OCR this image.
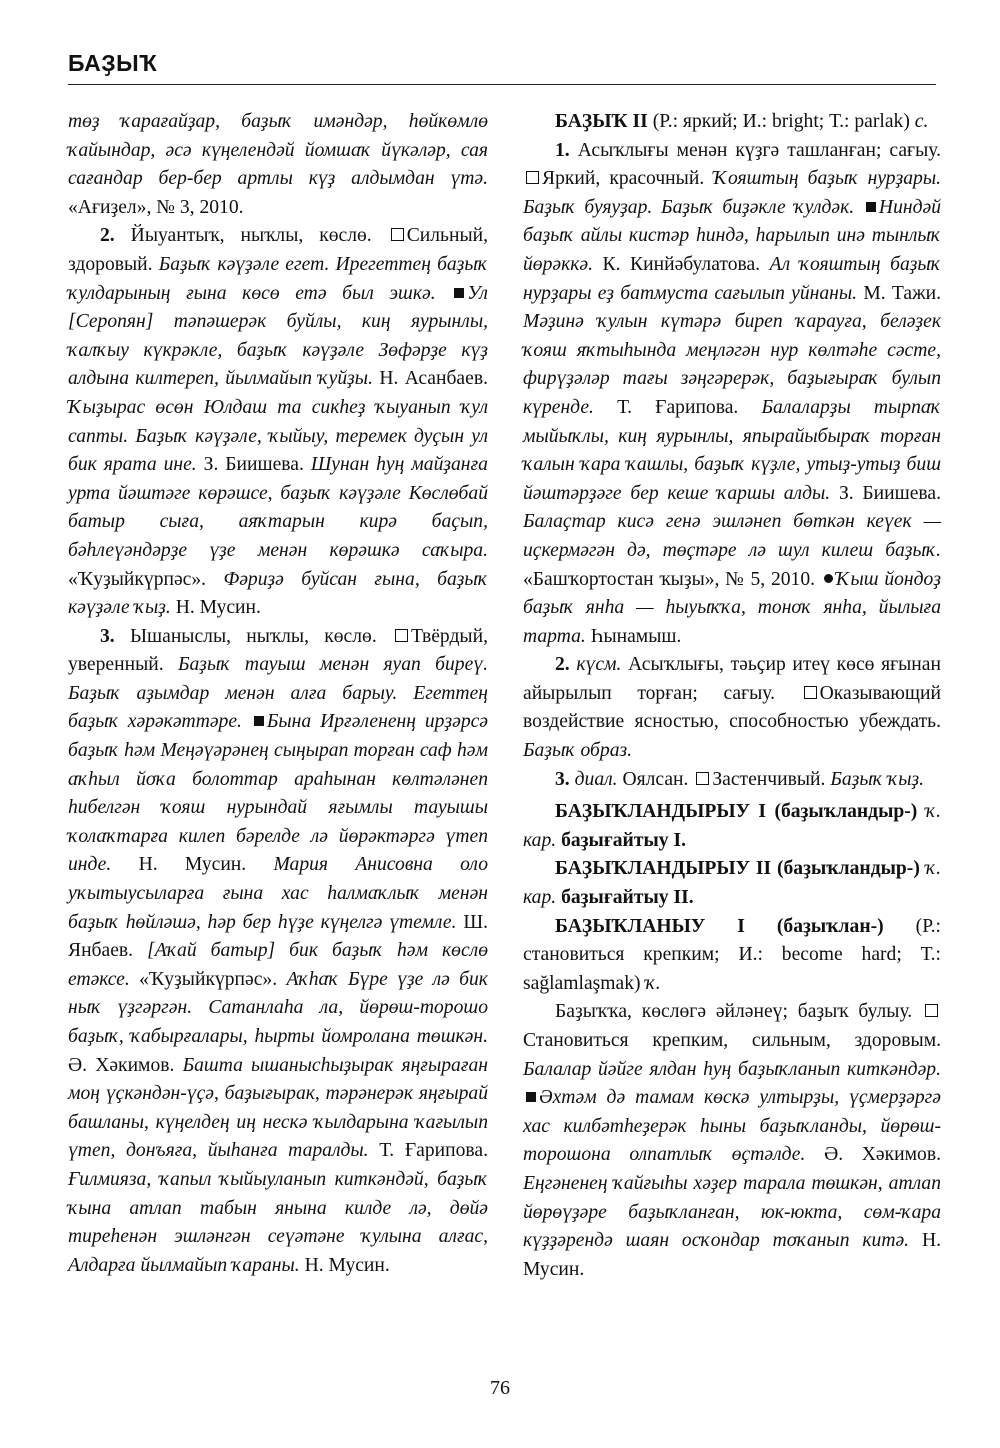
БАҘЫҠ

төҙ ҡарағайҙар, баҙыҡ имәндәр, һөйкөмлө ҡайындар, әсә күңелендәй йомшаҡ йүкәләр, сая сағандар бер-бер артлы күҙ алдымдан үтә. «Ағиҙел», № 3, 2010.

2. Йыуантыҡ, ныҡлы, көслө. Сильный, здоровый. Баҙыҡ кәүҙәле егет. Ирегеттең баҙыҡ ҡулдарының ғына көсө етә был эшкә. Ул [Серопян] тәпәшерәк буйлы, киң яурынлы, ҡалҡыу күкрәкле, баҙыҡ кәүҙәле Зөфәрҙе күҙ алдына килтереп, йылмайып ҡуйҙы. Н. Асанбаев. Ҡыҙырас өсөн Юлдаш та сикһеҙ ҡыуанып ҡул сапты. Баҙыҡ кәүҙәле, ҡыйыу, теремек дуҫын ул бик ярата ине. З. Биишева. Шунан һуң майҙанға урта йәштәге көрәшсе, баҙыҡ кәүҙәле Көслөбай батыр сыға, аяҡтарын кирә баҫып, бәһлеүәндәрҙе үҙе менән көрәшкә саҡыра. «Ҡуҙыйкүрпәс». Фәриҙә буйсан ғына, баҙыҡ кәүҙәле ҡыҙ. Н. Мусин.

3. Ышаныслы, ныҡлы, көслө. Твёрдый, уверенный. Баҙыҡ тауыш менән яуап биреү. Баҙыҡ аҙымдар менән алға барыу. Егеттең баҙыҡ хәрәкәттәре. Бына Ирғәлененң ирҙәрсә баҙыҡ һәм Меңәүәрәнең сыңырап торған саф һәм аҡһыл йоҡа болоттар араһынан көлтәләнеп һибелгән ҡояш нурындай яғымлы тауышы ҡолаҡтарға килеп бәрелде лә йөрәктәргә үтеп инде. Н. Мусин. Мария Анисовна оло уҡытыусыларға ғына хас һалмаҡлыҡ менән баҙыҡ һөйләшә, һәр бер һүҙе күңелгә үтемле. Ш. Янбаев. [Аҡай батыр] бик баҙыҡ һәм көслө етәксе. «Ҡуҙыйкүрпәс». Аҡһаҡ Бүре үҙе лә бик ныҡ үҙгәргән. Сатанлаһа ла, йөрөш-торошо баҙыҡ, ҡабырғалары, һырты йомролана төшкән. Ә. Хәкимов. Башта ышанысһыҙырак яңғыраған моң үҫкәндән-үҫә, баҙығырак, тәрәнерәк яңғырай башланы, күңелдең иң нескә ҡылдарына ҡағылып үтеп, донъяға, йыһанға таралды. Т. Ғарипова. Ғилмияза, ҡапыл ҡыйыуланып киткәндәй, баҙыҡ ҡына атлап табын янына килде лә, дөйә тиреһенән эшләнгән сеүәтәне ҡулына алғас, Алдарға йылмайып ҡараны. Н. Мусин.

БАҘЫҠ II (Р.: яркий; И.: bright; Т.: parlak) с.

1. Асыҡлығы менән күҙгә ташланған; сағыу. Яркий, красочный. Ҡояштың баҙыҡ нурҙары. Баҙыҡ буяуҙар. Баҙыҡ биҙәкле ҡулдәк. Ниндәй баҙыҡ айлы кистәр һиндә, һарылып инә тынлыҡ йөрәккә. К. Кинйәбулатова. Ал ҡояштың баҙыҡ нурҙары еҙ батмуста сағылып уйнаны. М. Тажи. Мәҙинә ҡулын күтәрә биреп ҡарауға, беләҙек ҡояш яҡтыһында меңләгән нур көлтәһе сәсте, фирүҙәләр тағы зәңгәрерәк, баҙығыраҡ булып күренде. Т. Ғарипова. Балаларҙы тырпаҡ мыйыҡлы, киң яурынлы, япырайыбыраҡ торған ҡалын ҡара ҡашлы, баҙыҡ күҙле, утыҙ-утыҙ биш йәштәрҙәге бер кеше ҡаршы алды. З. Биишева. Балаҫтар кисә генә эшләнеп бөткән кеүек — иҫкермәгән дә, төҫтәре лә шул килеш баҙыҡ. «Башҡортостан ҡыҙы», № 5, 2010. Ҡыш йондоҙ баҙыҡ янһа — һыуыҡҡа, тоноҡ янһа, йылыға тарта. Һынамыш.

2. күсм. Асыҡлығы, тәьҫир итеү көсө яғынан айырылып торған; сағыу. Оказывающий воздействие ясностью, способностью убеждать. Баҙыҡ образ.

3. диал. Оялсан. Застенчивый. Баҙыҡ ҡыҙ.

БАҘЫҠЛАНДЫРЫУ I (баҙыҡландыр-) ҡ. кар. баҙығайтыу I.

БАҘЫҠЛАНДЫРЫУ II (баҙыҡландыр-) ҡ. кар. баҙығайтыу II.

БАҘЫҠЛАНЫУ I (баҙыҡлан-) (Р.: становиться крепким; И.: become hard; Т.: sağlamlaşmak) ҡ.

Баҙыҡҡа, көслөгә әйләнеү; баҙыҡ булыу. Становиться крепким, сильным, здоровым. Балалар йәйге ялдан һуң баҙыҡланып киткәндәр. Әхтәм дә тамам көскә ултырҙы, үҫмерҙәргә хас килбәтһеҙерәк һыны баҙыҡланды, йөрөш-торошона олпатлыҡ өҫтәлде. Ә. Хәкимов. Еңгәненең ҡайғыһы хәҙер тарала төшкән, атлап йөрөүҙәре баҙыҡланған, юк-юкта, сөм-ҡара күҙҙәрендә шаян осҡондар тоҡанып китә. Н. Мусин.

76
